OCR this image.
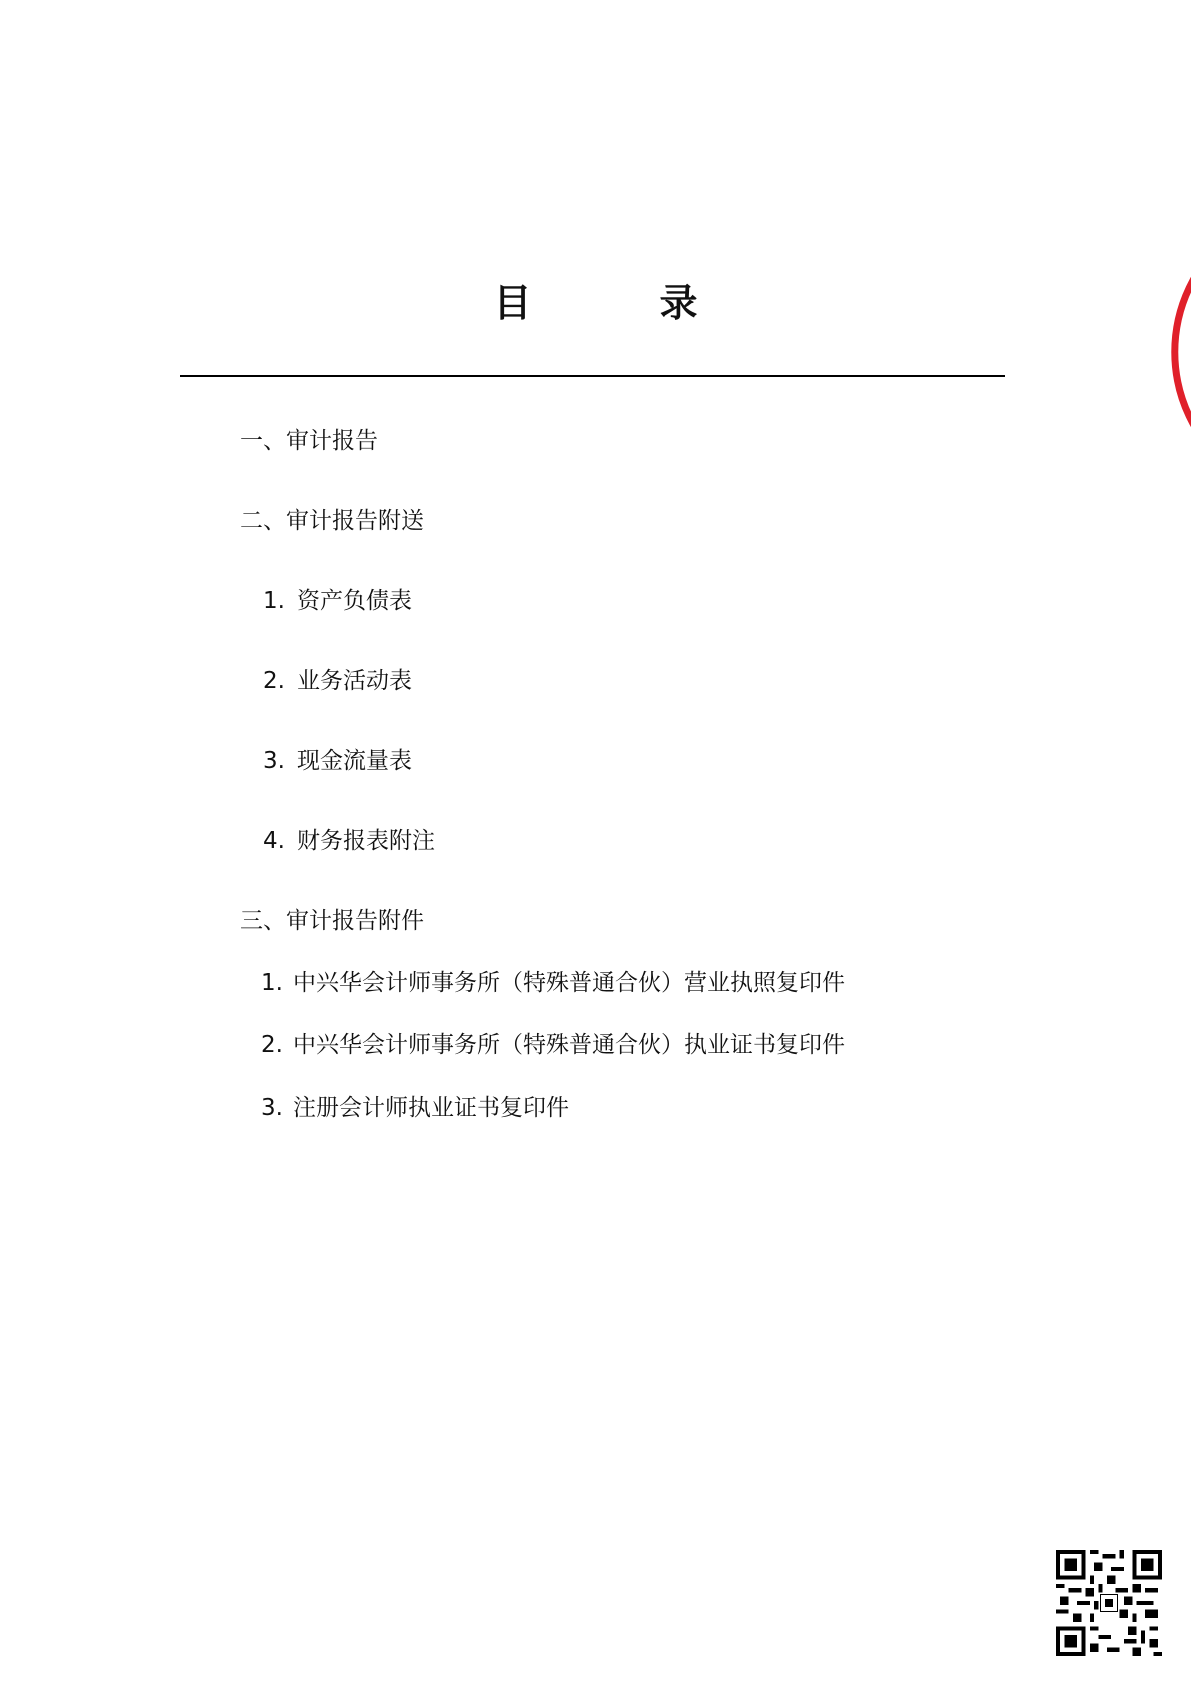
目	录
一、审计报告
二、审计报告附送
1. 资产负债表
2. 业务活动表
3. 现金流量表
4. 财务报表附注
三、审计报告附件
1. 中兴华会计师事务所（特殊普通合伙）营业执照复印件
2. 中兴华会计师事务所（特殊普通合伙）执业证书复印件
3. 注册会计师执业证书复印件
